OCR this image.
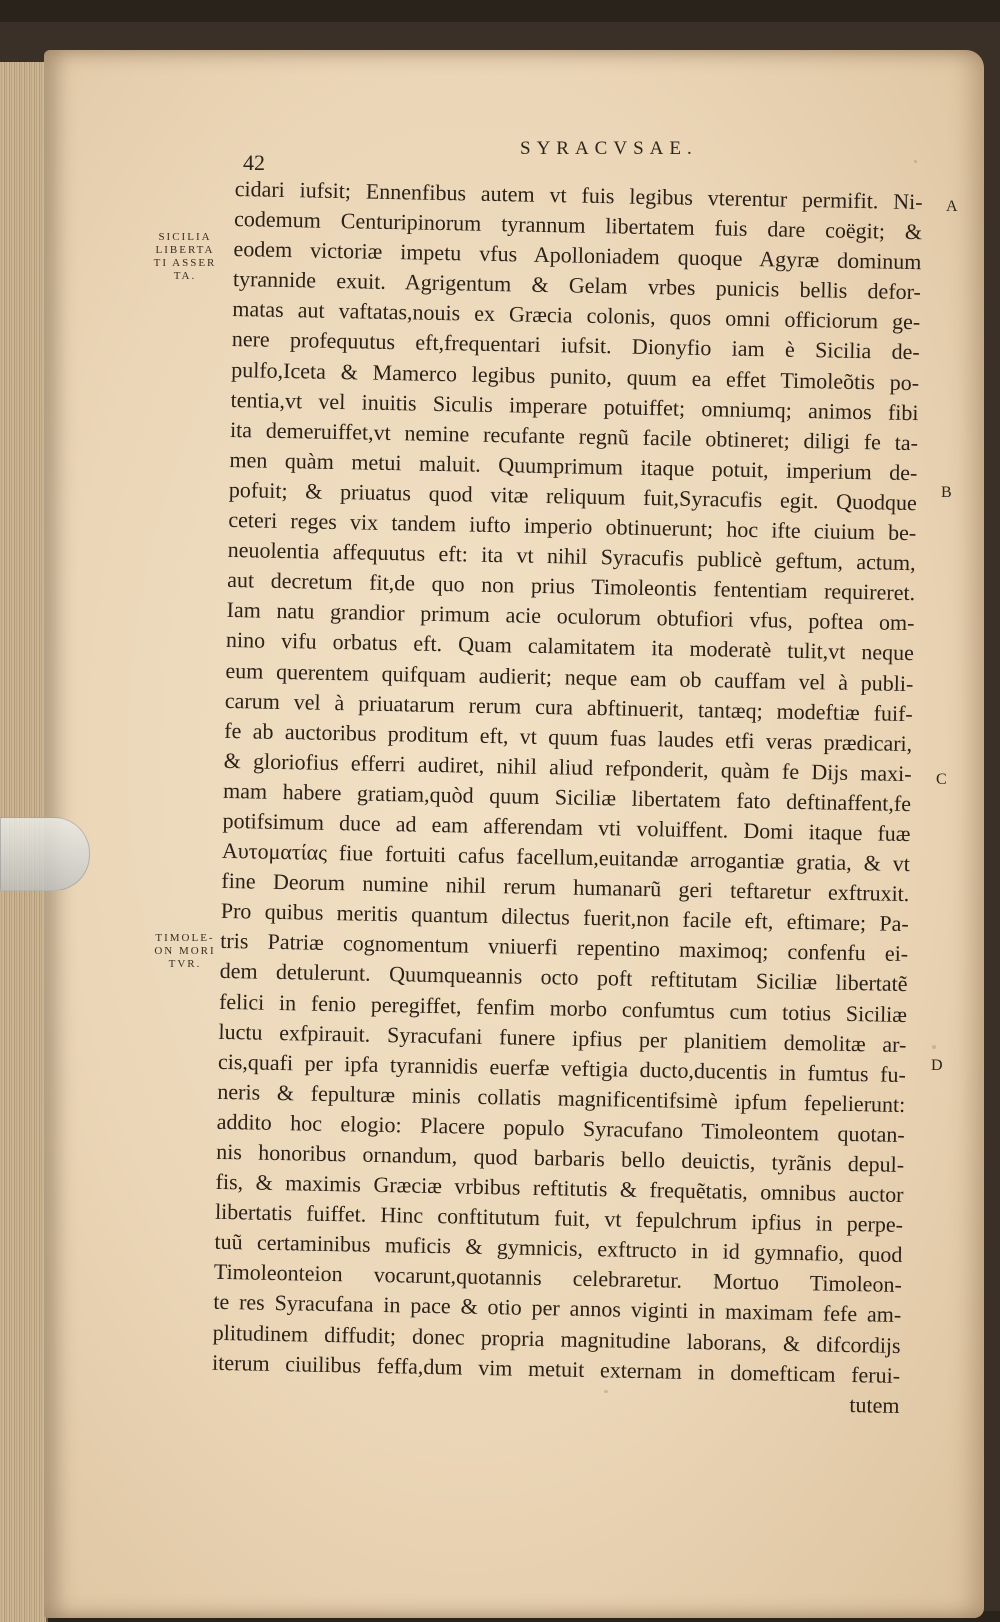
SYRACVSAE.
42
SICILIA
LIBERTA
TI ASSER
TA.
TIMOLE-
ON MORI
TVR.
A
B
C
D
cidari iufsit; Ennenfibus autem vt fuis legibus vterentur permifit. Ni-
codemum Centuripinorum tyrannum libertatem fuis dare coëgit; &
eodem victoriæ impetu vfus Apolloniadem quoque Agyræ dominum
tyrannide exuit. Agrigentum & Gelam vrbes punicis bellis defor-
matas aut vaftatas,nouis ex Græcia colonis, quos omni officiorum ge-
nere profequutus eft,frequentari iufsit. Dionyfio iam è Sicilia de-
pulfo,Iceta & Mamerco legibus punito, quum ea effet Timoleõtis po-
tentia,vt vel inuitis Siculis imperare potuiffet; omniumq; animos fibi
ita demeruiffet,vt nemine recufante regnũ facile obtineret; diligi fe ta-
men quàm metui maluit. Quumprimum itaque potuit, imperium de-
pofuit; & priuatus quod vitæ reliquum fuit,Syracufis egit. Quodque
ceteri reges vix tandem iufto imperio obtinuerunt; hoc ifte ciuium be-
neuolentia affequutus eft: ita vt nihil Syracufis publicè geftum, actum,
aut decretum fit,de quo non prius Timoleontis fententiam requireret.
Iam natu grandior primum acie oculorum obtufiori vfus, poftea om-
nino vifu orbatus eft. Quam calamitatem ita moderatè tulit,vt neque
eum querentem quifquam audierit; neque eam ob cauffam vel à publi-
carum vel à priuatarum rerum cura abftinuerit, tantæq; modeftiæ fuif-
fe ab auctoribus proditum eft, vt quum fuas laudes etfi veras prædicari,
& gloriofius efferri audiret, nihil aliud refponderit, quàm fe Dijs maxi-
mam habere gratiam,quòd quum Siciliæ libertatem fato deftinaffent,fe
potifsimum duce ad eam afferendam vti voluiffent. Domi itaque fuæ
Αυτοματίας fiue fortuiti cafus facellum,euitandæ arrogantiæ gratia, & vt
fine Deorum numine nihil rerum humanarũ geri teftaretur exftruxit.
Pro quibus meritis quantum dilectus fuerit,non facile eft, eftimare; Pa-
tris Patriæ cognomentum vniuerfi repentino maximoq; confenfu ei-
dem detulerunt. Quumqueannis octo poft reftitutam Siciliæ libertatẽ
felici in fenio peregiffet, fenfim morbo confumtus cum totius Siciliæ
luctu exfpirauit. Syracufani funere ipfius per planitiem demolitæ ar-
cis,quafi per ipfa tyrannidis euerfæ veftigia ducto,ducentis in fumtus fu-
neris & fepulturæ minis collatis magnificentifsimè ipfum fepelierunt:
addito hoc elogio: Placere populo Syracufano Timoleontem quotan-
nis honoribus ornandum, quod barbaris bello deuictis, tyrãnis depul-
fis, & maximis Græciæ vrbibus reftitutis & frequẽtatis, omnibus auctor
libertatis fuiffet. Hinc conftitutum fuit, vt fepulchrum ipfius in perpe-
tuũ certaminibus muficis & gymnicis, exftructo in id gymnafio, quod
Timoleonteion vocarunt,quotannis celebraretur. Mortuo Timoleon-
te res Syracufana in pace & otio per annos viginti in maximam fefe am-
plitudinem diffudit; donec propria magnitudine laborans, & difcordijs
iterum ciuilibus feffa,dum vim metuit externam in domefticam ferui-
tutem
